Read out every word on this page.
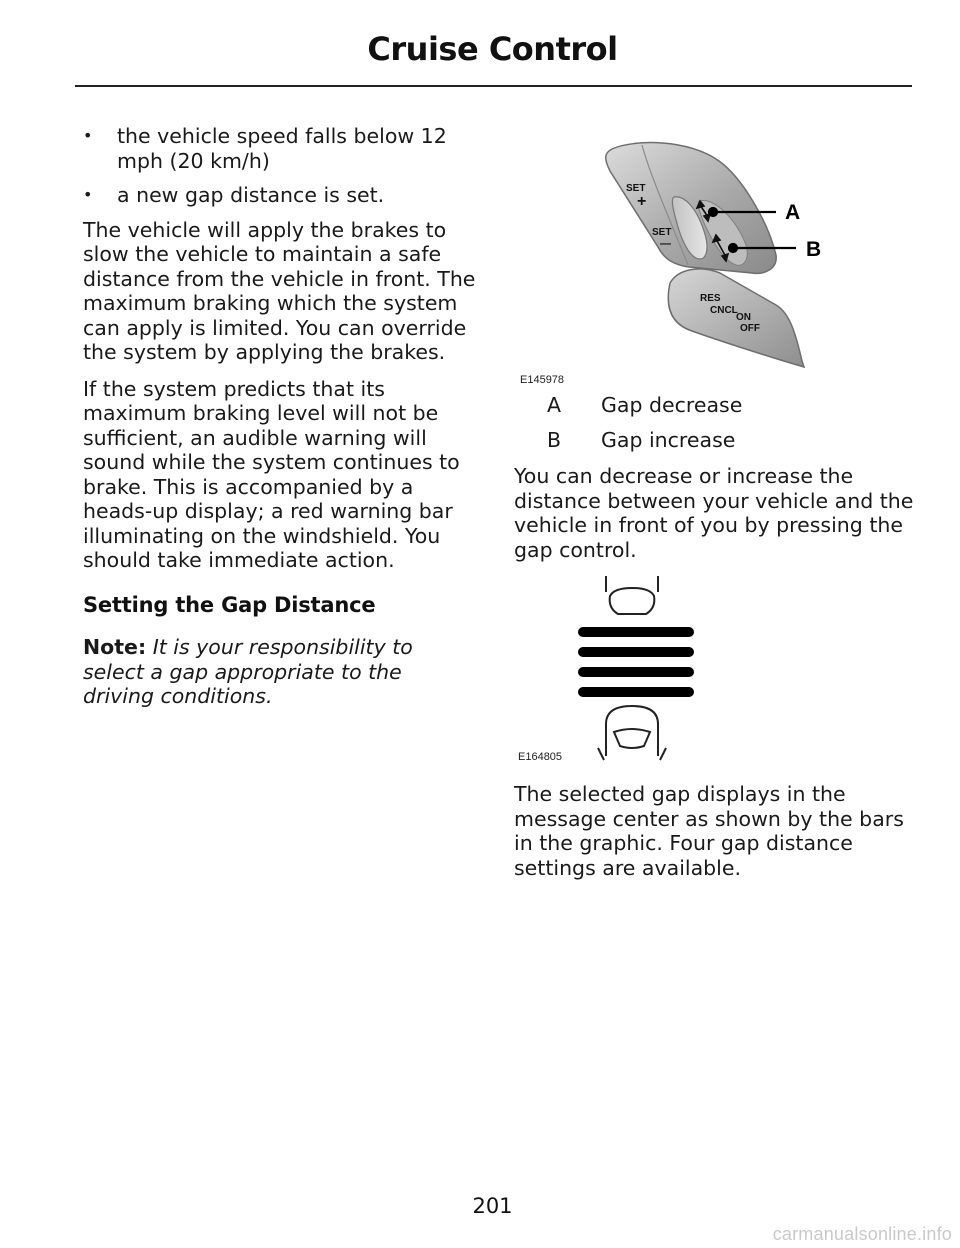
Cruise Control
• the vehicle speed falls below 12 mph (20 km/h)
• a new gap distance is set.

The vehicle will apply the brakes to slow the vehicle to maintain a safe distance from the vehicle in front. The maximum braking which the system can apply is limited. You can override the system by applying the brakes.

If the system predicts that its maximum braking level will not be sufficient, an audible warning will sound while the system continues to brake. This is accompanied by a heads-up display; a red warning bar illuminating on the windshield. You should take immediate action.

Setting the Gap Distance

Note: It is your responsibility to select a gap appropriate to the driving conditions.

A
B
SET
+
SET
—
RES
CNCL
ON
OFF
E145978
A	Gap decrease
B	Gap increase

You can decrease or increase the distance between your vehicle and the vehicle in front of you by pressing the gap control.

E164805

The selected gap displays in the message center as shown by the bars in the graphic. Four gap distance settings are available.

201
carmanualsonline.info
